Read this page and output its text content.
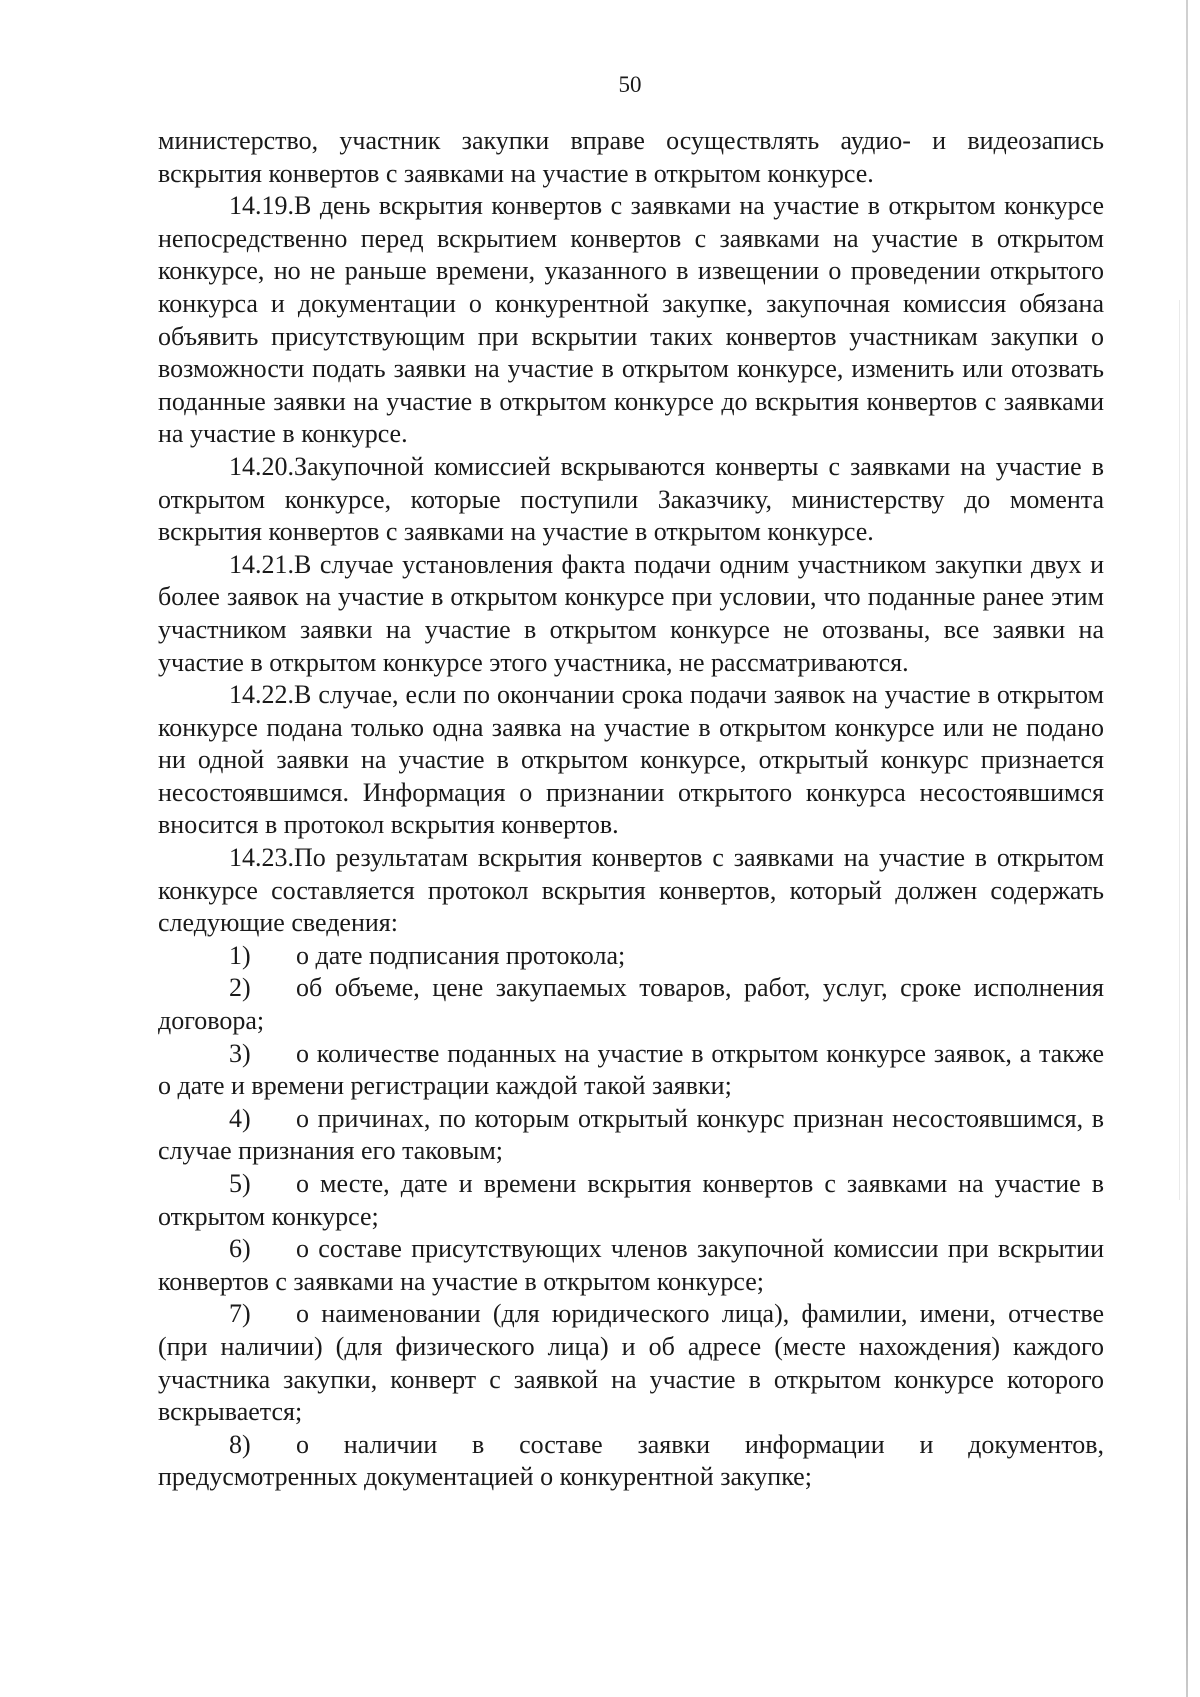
50

министерство, участник закупки вправе осуществлять аудио- и видеозапись вскрытия конвертов с заявками на участие в открытом конкурсе.

14.19.В день вскрытия конвертов с заявками на участие в открытом конкурсе непосредственно перед вскрытием конвертов с заявками на участие в открытом конкурсе, но не раньше времени, указанного в извещении о проведении открытого конкурса и документации о конкурентной закупке, закупочная комиссия обязана объявить присутствующим при вскрытии таких конвертов участникам закупки о возможности подать заявки на участие в открытом конкурсе, изменить или отозвать поданные заявки на участие в открытом конкурсе до вскрытия конвертов с заявками на участие в конкурсе.

14.20.Закупочной комиссией вскрываются конверты с заявками на участие в открытом конкурсе, которые поступили Заказчику, министерству до момента вскрытия конвертов с заявками на участие в открытом конкурсе.

14.21.В случае установления факта подачи одним участником закупки двух и более заявок на участие в открытом конкурсе при условии, что поданные ранее этим участником заявки на участие в открытом конкурсе не отозваны, все заявки на участие в открытом конкурсе этого участника, не рассматриваются.

14.22.В случае, если по окончании срока подачи заявок на участие в открытом конкурсе подана только одна заявка на участие в открытом конкурсе или не подано ни одной заявки на участие в открытом конкурсе, открытый конкурс признается несостоявшимся. Информация о признании открытого конкурса несостоявшимся вносится в протокол вскрытия конвертов.

14.23.По результатам вскрытия конвертов с заявками на участие в открытом конкурсе составляется протокол вскрытия конвертов, который должен содержать следующие сведения:

1) о дате подписания протокола;

2) об объеме, цене закупаемых товаров, работ, услуг, сроке исполнения договора;

3) о количестве поданных на участие в открытом конкурсе заявок, а также о дате и времени регистрации каждой такой заявки;

4) о причинах, по которым открытый конкурс признан несостоявшимся, в случае признания его таковым;

5) о месте, дате и времени вскрытия конвертов с заявками на участие в открытом конкурсе;

6) о составе присутствующих членов закупочной комиссии при вскрытии конвертов с заявками на участие в открытом конкурсе;

7) о наименовании (для юридического лица), фамилии, имени, отчестве (при наличии) (для физического лица) и об адресе (месте нахождения) каждого участника закупки, конверт с заявкой на участие в открытом конкурсе которого вскрывается;

8) о наличии в составе заявки информации и документов, предусмотренных документацией о конкурентной закупке;
